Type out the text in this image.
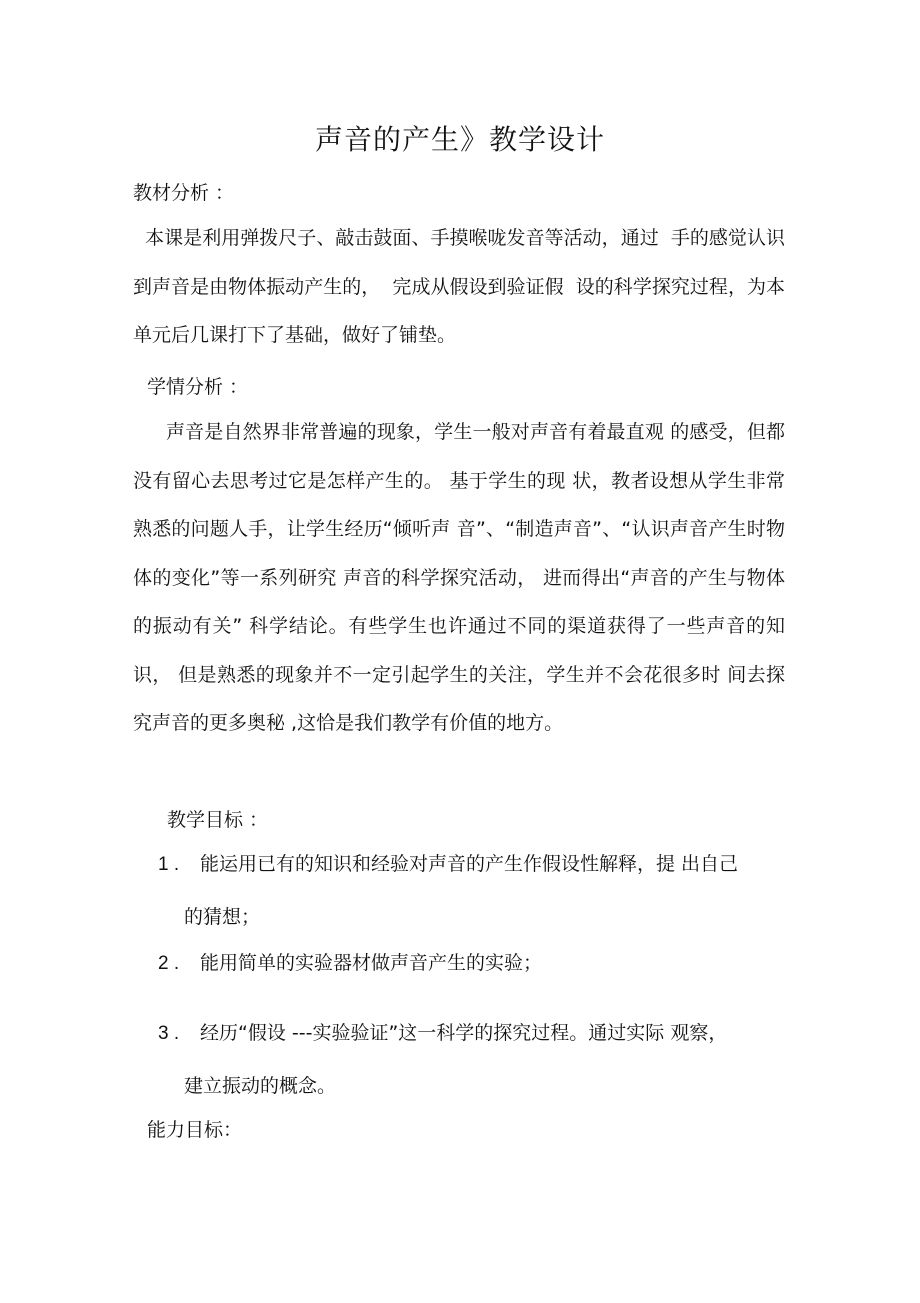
声音的产生》教学设计
教材分析 ：
本课是利用弹拨尺子、敲击鼓面、手摸喉咙发音等活动，通过  手的感觉认识到声音是由物体振动产生的，  完成从假设到验证假  设的科学探究过程，为本单元后几课打下了基础，做好了铺垫。
学情分析 ：
声音是自然界非常普遍的现象，学生一般对声音有着最直观 的感受，但都没有留心去思考过它是怎样产生的。 基于学生的现 状，教者设想从学生非常熟悉的问题人手，让学生经历“倾听声 音”、“制造声音”、“认识声音产生时物体的变化”等一系列研究 声音的科学探究活动， 进而得出“声音的产生与物体的振动有关” 科学结论。有些学生也许通过不同的渠道获得了一些声音的知识， 但是熟悉的现象并不一定引起学生的关注，学生并不会花很多时 间去探究声音的更多奥秘 ,这恰是我们教学有价值的地方。
教学目标 ：
1 .	能运用已有的知识和经验对声音的产生作假设性解释，提 出自己
的猜想；
2 .	能用简单的实验器材做声音产生的实验；
3 .	经历“假设 ---实验验证”这一科学的探究过程。通过实际 观察，
建立振动的概念。
能力目标：
